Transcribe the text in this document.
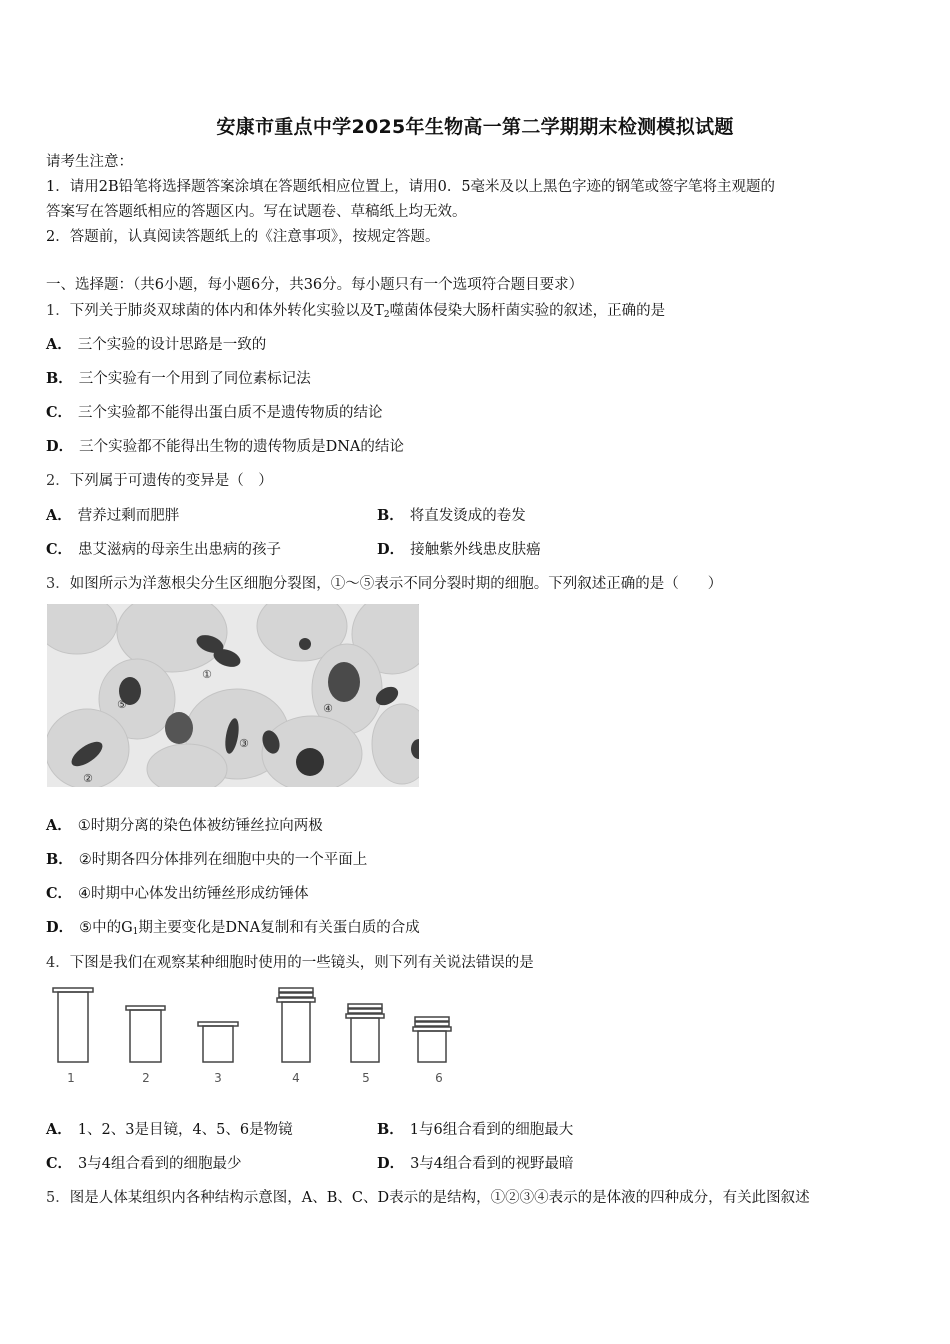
安康市重点中学2025年生物高一第二学期期末检测模拟试题
请考生注意：
1．请用2B铅笔将选择题答案涂填在答题纸相应位置上，请用0．5毫米及以上黑色字迹的钢笔或签字笔将主观题的
答案写在答题纸相应的答题区内。写在试题卷、草稿纸上均无效。
2．答题前，认真阅读答题纸上的《注意事项》，按规定答题。
一、选择题：（共6小题，每小题6分，共36分。每小题只有一个选项符合题目要求）
1．下列关于肺炎双球菌的体内和体外转化实验以及$T_2$噬菌体侵染大肠杆菌实验的叙述，正确的是
A． 三个实验的设计思路是一致的
B． 三个实验有一个用到了同位素标记法
C． 三个实验都不能得出蛋白质不是遗传物质的结论
D． 三个实验都不能得出生物的遗传物质是DNA的结论
2．下列属于可遗传的变异是（　）
A． 营养过剩而肥胖	B． 将直发烫成的卷发
C． 患艾滋病的母亲生出患病的孩子	D． 接触紫外线患皮肤癌
3．如图所示为洋葱根尖分生区细胞分裂图，①～⑤表示不同分裂时期的细胞。下列叙述正确的是（　　）
①
②
③
④
⑤
A． ①时期分离的染色体被纺锤丝拉向两极
B． ②时期各四分体排列在细胞中央的一个平面上
C． ④时期中心体发出纺锤丝形成纺锤体
D． ⑤中的$G_1$期主要变化是DNA复制和有关蛋白质的合成
4．下图是我们在观察某种细胞时使用的一些镜头，则下列有关说法错误的是
1	2	3	4	5	6
A． 1、2、3是目镜，4、5、6是物镜	B． 1与6组合看到的细胞最大
C． 3与4组合看到的细胞最少	D． 3与4组合看到的视野最暗
5．图是人体某组织内各种结构示意图，A、B、C、D表示的是结构，①②③④表示的是体液的四种成分，有关此图叙述
